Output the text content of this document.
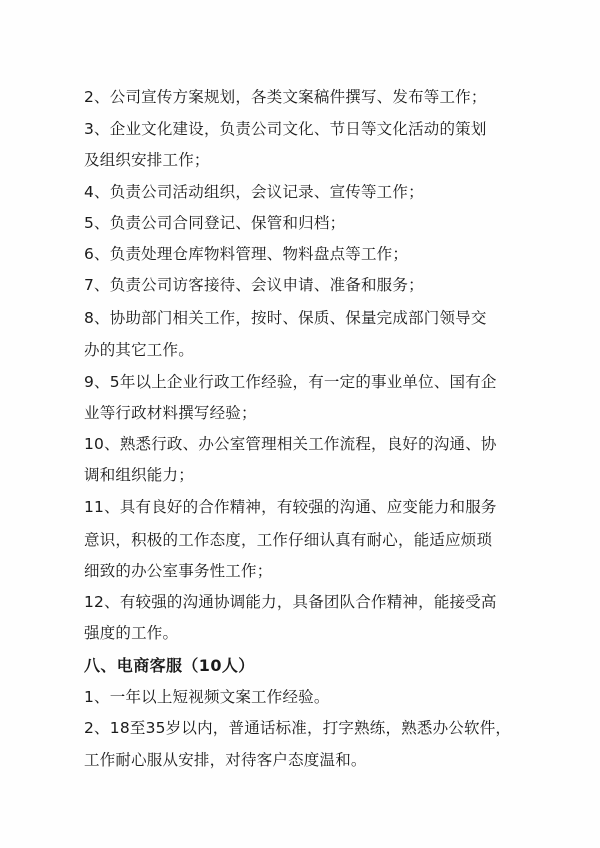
2、公司宣传方案规划，各类文案稿件撰写、发布等工作；
3、企业文化建设，负责公司文化、节日等文化活动的策划
及组织安排工作；
4、负责公司活动组织，会议记录、宣传等工作；
5、负责公司合同登记、保管和归档；
6、负责处理仓库物料管理、物料盘点等工作；
7、负责公司访客接待、会议申请、准备和服务；
8、协助部门相关工作，按时、保质、保量完成部门领导交
办的其它工作。
9、5年以上企业行政工作经验，有一定的事业单位、国有企
业等行政材料撰写经验；
10、熟悉行政、办公室管理相关工作流程，良好的沟通、协
调和组织能力；
11、具有良好的合作精神，有较强的沟通、应变能力和服务
意识，积极的工作态度，工作仔细认真有耐心，能适应烦琐
细致的办公室事务性工作；
12、有较强的沟通协调能力，具备团队合作精神，能接受高
强度的工作。
八、电商客服（10人）
1、一年以上短视频文案工作经验。
2、18至35岁以内，普通话标准，打字熟练，熟悉办公软件，
工作耐心服从安排，对待客户态度温和。
